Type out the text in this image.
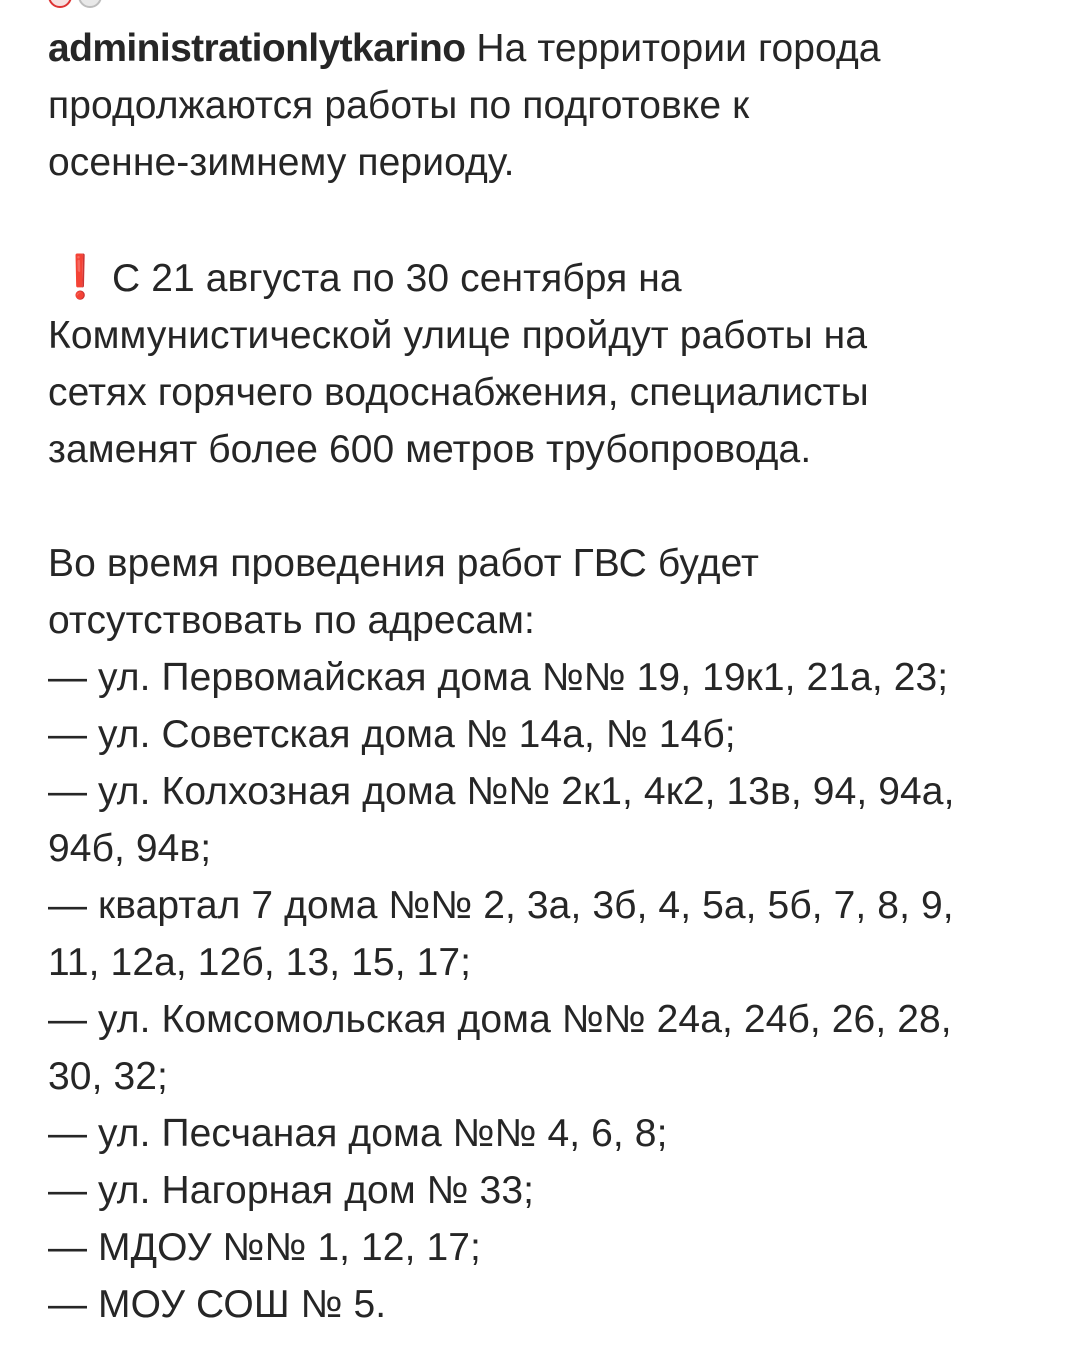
administrationlytkarino На территории города
продолжаются работы по подготовке к
осенне-зимнему периоду.
❗ С 21 августа по 30 сентября на
Коммунистической улице пройдут работы на
сетях горячего водоснабжения, специалисты
заменят более 600 метров трубопровода.
Во время проведения работ ГВС будет
отсутствовать по адресам:
— ул. Первомайская дома №№ 19, 19к1, 21а, 23;
— ул. Советская дома № 14а, № 14б;
— ул. Колхозная дома №№ 2к1, 4к2, 13в, 94, 94а,
94б, 94в;
— квартал 7 дома №№ 2, 3а, 3б, 4, 5а, 5б, 7, 8, 9,
11, 12а, 12б, 13, 15, 17;
— ул. Комсомольская дома №№ 24а, 24б, 26, 28,
30, 32;
— ул. Песчаная дома №№ 4, 6, 8;
— ул. Нагорная дом № 33;
— МДОУ №№ 1, 12, 17;
— МОУ СОШ № 5.
